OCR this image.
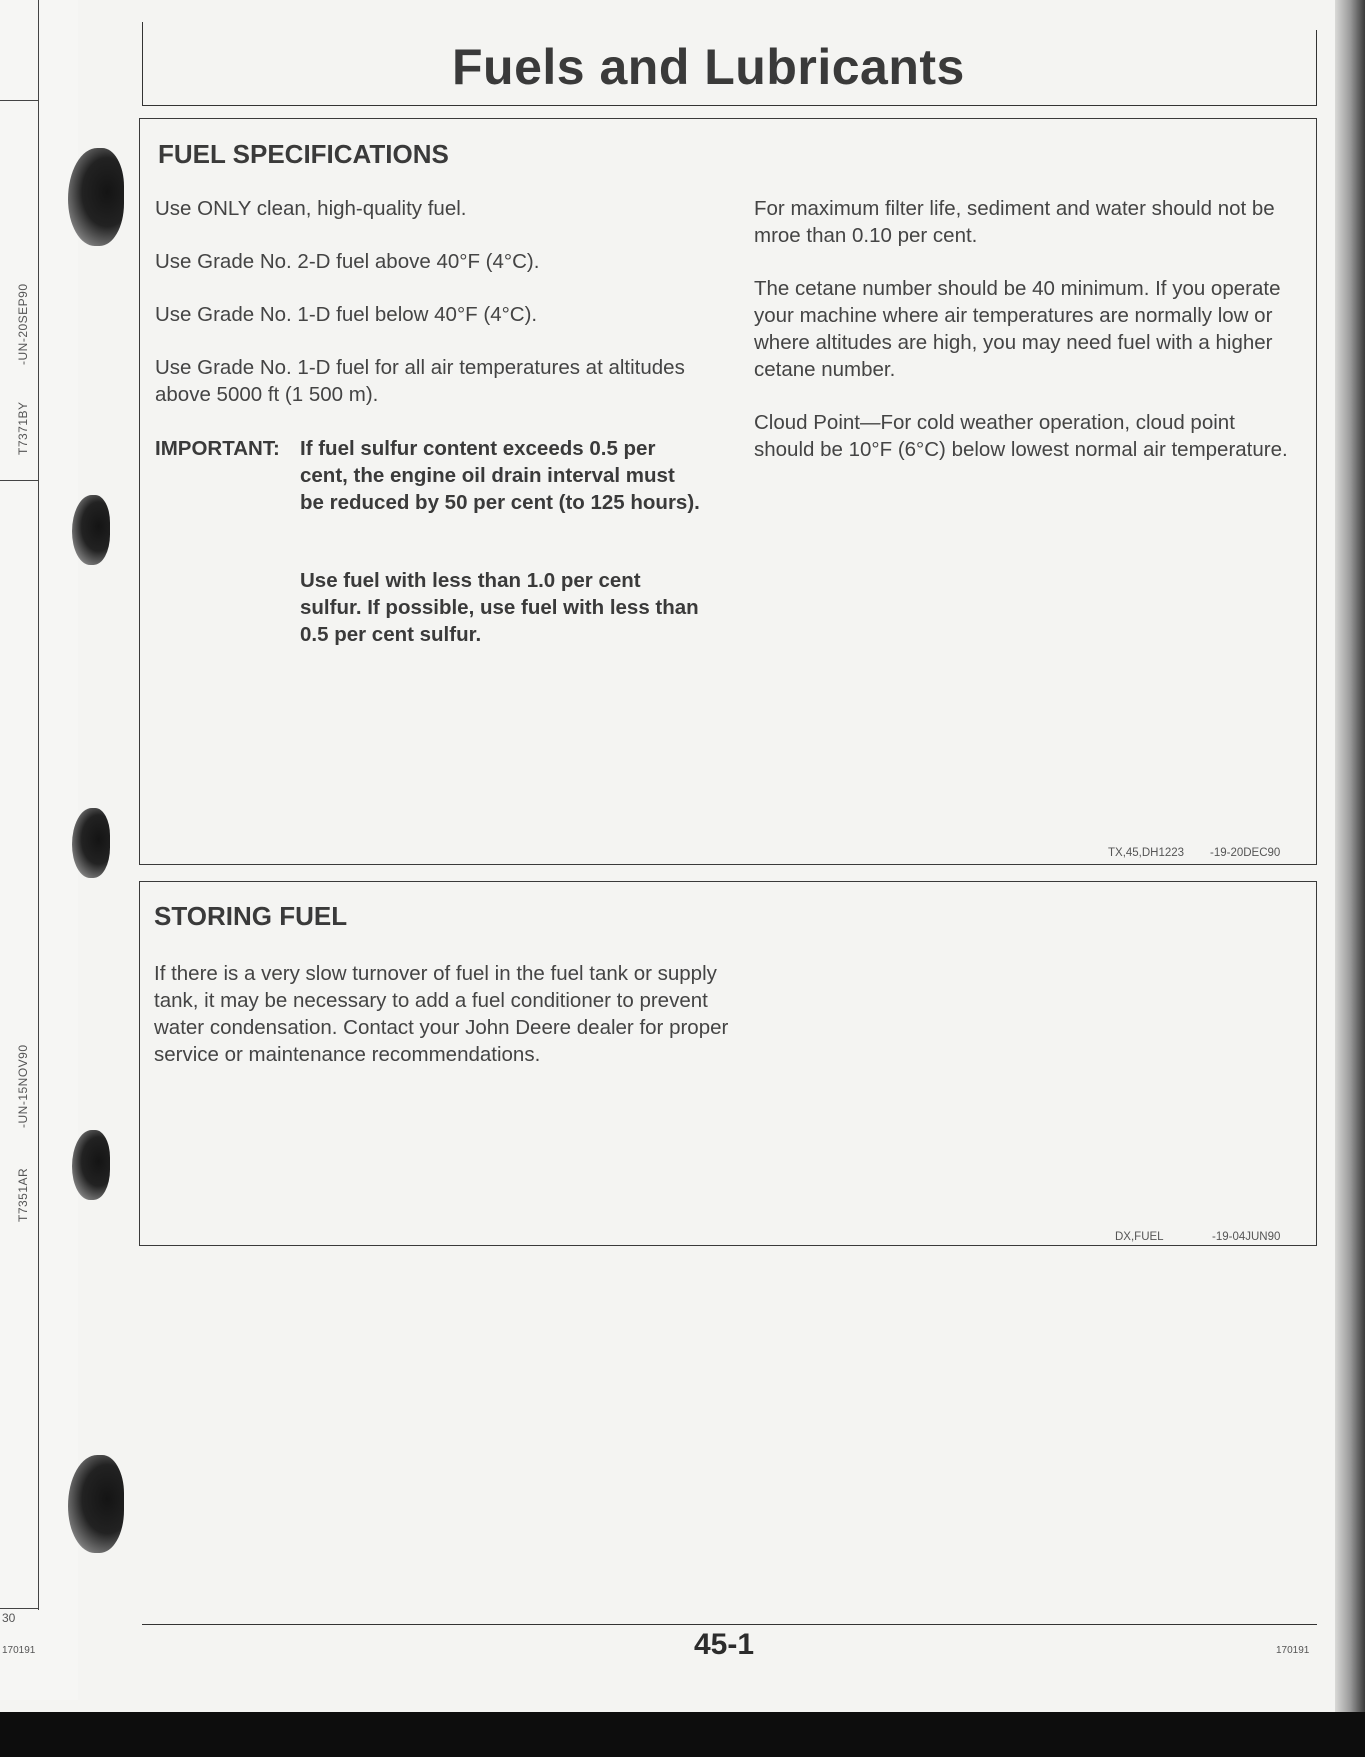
T7371BY
-UN-20SEP90
T7351AR
-UN-15NOV90
30
170191
Fuels and Lubricants
FUEL SPECIFICATIONS

Use ONLY clean, high-quality fuel.

Use Grade No. 2-D fuel above 40°F (4°C).

Use Grade No. 1-D fuel below 40°F (4°C).

Use Grade No. 1-D fuel for all air temperatures at altitudes above 5000 ft (1 500 m).

IMPORTANT: If fuel sulfur content exceeds 0.5 per cent, the engine oil drain interval must be reduced by 50 per cent (to 125 hours).

Use fuel with less than 1.0 per cent sulfur. If possible, use fuel with less than 0.5 per cent sulfur.

For maximum filter life, sediment and water should not be mroe than 0.10 per cent.

The cetane number should be 40 minimum. If you operate your machine where air temperatures are normally low or where altitudes are high, you may need fuel with a higher cetane number.

Cloud Point—For cold weather operation, cloud point should be 10°F (6°C) below lowest normal air temperature.

TX,45,DH1223 -19-20DEC90
STORING FUEL

If there is a very slow turnover of fuel in the fuel tank or supply tank, it may be necessary to add a fuel conditioner to prevent water condensation. Contact your John Deere dealer for proper service or maintenance recommendations.

DX,FUEL	-19-04JUN90
45-1	170191
